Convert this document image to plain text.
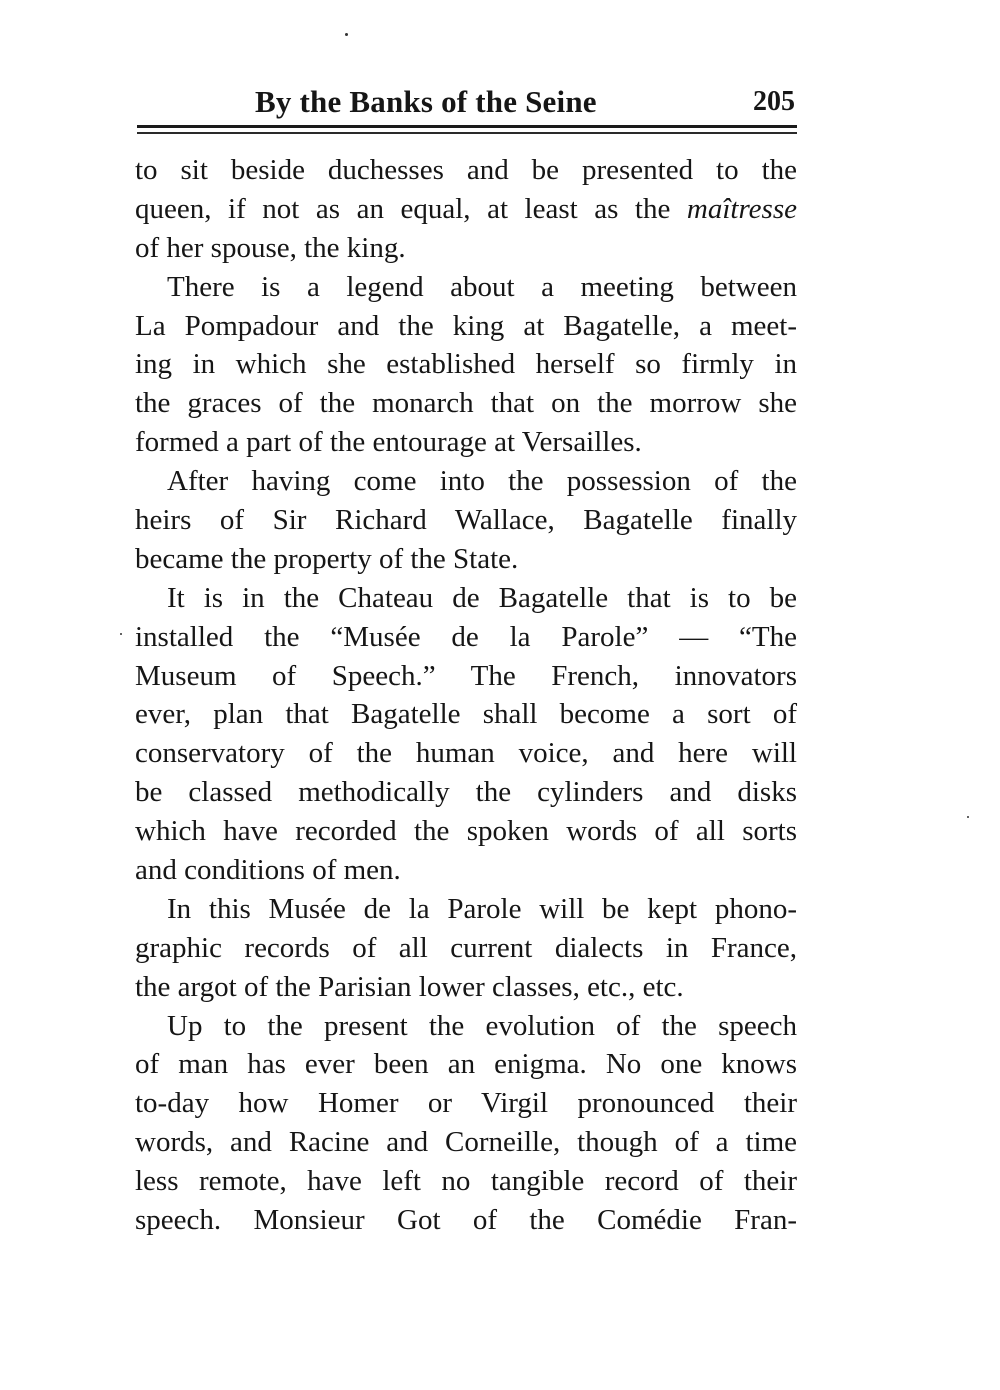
By the Banks of the Seine	205
to sit beside duchesses and be presented to the
queen, if not as an equal, at least as the maîtresse
of her spouse, the king.
There is a legend about a meeting between
La Pompadour and the king at Bagatelle, a meet-
ing in which she established herself so firmly in
the graces of the monarch that on the morrow she
formed a part of the entourage at Versailles.
After having come into the possession of the
heirs of Sir Richard Wallace, Bagatelle finally
became the property of the State.
It is in the Chateau de Bagatelle that is to be
installed the “Musée de la Parole” — “The
Museum of Speech.” The French, innovators
ever, plan that Bagatelle shall become a sort of
conservatory of the human voice, and here will
be classed methodically the cylinders and disks
which have recorded the spoken words of all sorts
and conditions of men.
In this Musée de la Parole will be kept phono-
graphic records of all current dialects in France,
the argot of the Parisian lower classes, etc., etc.
Up to the present the evolution of the speech
of man has ever been an enigma. No one knows
to-day how Homer or Virgil pronounced their
words, and Racine and Corneille, though of a time
less remote, have left no tangible record of their
speech. Monsieur Got of the Comédie Fran-
